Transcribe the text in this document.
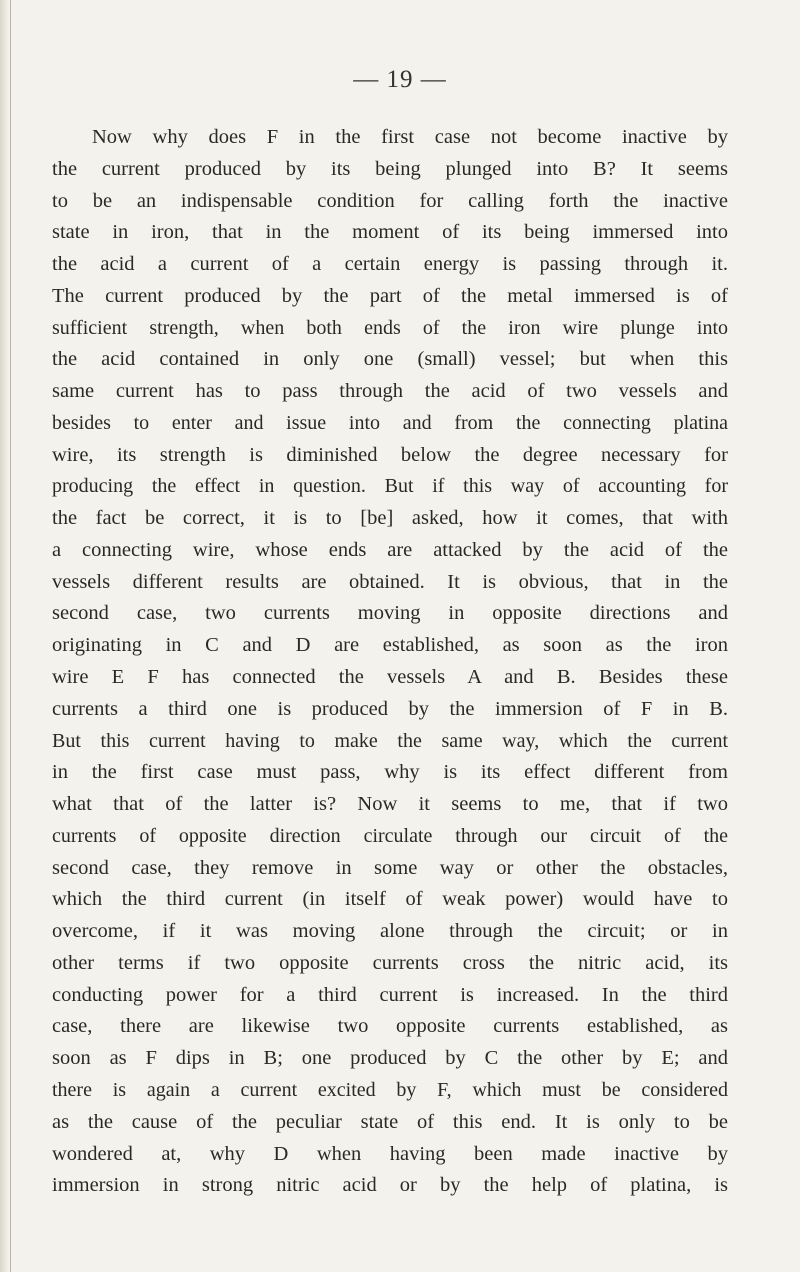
— 19 —
Now why does F in the first case not become inactive by
the current produced by its being plunged into B? It seems
to be an indispensable condition for calling forth the inactive
state in iron, that in the moment of its being immersed into
the acid a current of a certain energy is passing through it.
The current produced by the part of the metal immersed is of
sufficient strength, when both ends of the iron wire plunge into
the acid contained in only one (small) vessel; but when this
same current has to pass through the acid of two vessels and
besides to enter and issue into and from the connecting platina
wire, its strength is diminished below the degree necessary for
producing the effect in question. But if this way of accounting for
the fact be correct, it is to [be] asked, how it comes, that with
a connecting wire, whose ends are attacked by the acid of the
vessels different results are obtained. It is obvious, that in the
second case, two currents moving in opposite directions and
originating in C and D are established, as soon as the iron
wire E F has connected the vessels A and B. Besides these
currents a third one is produced by the immersion of F in B.
But this current having to make the same way, which the current
in the first case must pass, why is its effect different from
what that of the latter is? Now it seems to me, that if two
currents of opposite direction circulate through our circuit of the
second case, they remove in some way or other the obstacles,
which the third current (in itself of weak power) would have to
overcome, if it was moving alone through the circuit; or in
other terms if two opposite currents cross the nitric acid, its
conducting power for a third current is increased. In the third
case, there are likewise two opposite currents established, as
soon as F dips in B; one produced by C the other by E; and
there is again a current excited by F, which must be considered
as the cause of the peculiar state of this end. It is only to be
wondered at, why D when having been made inactive by
immersion in strong nitric acid or by the help of platina, is
